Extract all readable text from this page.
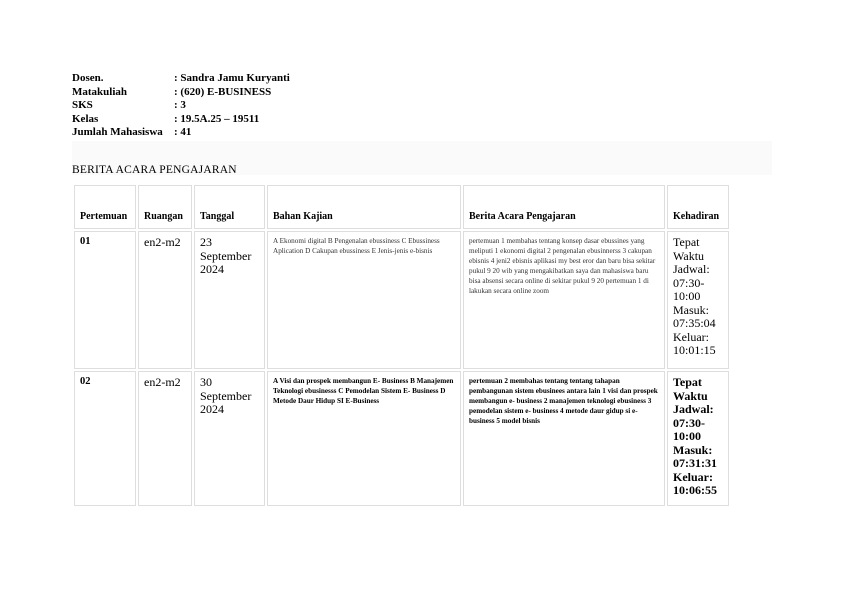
Dosen.	: Sandra Jamu Kuryanti
Matakuliah	: (620) E-BUSINESS
SKS	: 3
Kelas	: 19.5A.25 – 19511
Jumlah Mahasiswa	: 41
BERITA ACARA PENGAJARAN
Pertemuan	Ruangan	Tanggal	Bahan Kajian	Berita Acara Pengajaran	Kehadiran
01	en2-m2	23 September 2024	A Ekonomi digital B Pengenalan ebussiness C Ebussiness Aplication D Cakupan ebussiness E Jenis-jenis e-bisnis	pertemuan 1 membahas tentang konsep dasar ebussines yang meliputi 1 ekonomi digital 2 pengenalan ebusinnerss 3 cakupan ebisnis 4 jeni2 ebisnis aplikasi my best eror dan baru bisa sekitar pukul 9 20 wib yang mengakibatkan saya dan mahasiswa baru bisa absensi secara online di sekitar pukul 9 20 pertemuan 1 di lakukan secara online zoom	Tepat Waktu Jadwal: 07:30-10:00 Masuk: 07:35:04 Keluar: 10:01:15
02	en2-m2	30 September 2024	A Visi dan prospek membangun E- Business B Manajemen Teknologi ebusinesss C Pemodelan Sistem E- Business D Metode Daur Hidup SI E-Business	pertemuan 2 membahas tentang tentang tahapan pembangunan sistem ebusinees antara lain 1 visi dan prospek membangun e- business 2 manajemen teknologi ebusiness 3 pemodelan sistem e- business 4 metode daur gidup si e-business 5 model bisnis	Tepat Waktu Jadwal: 07:30-10:00 Masuk: 07:31:31 Keluar: 10:06:55
